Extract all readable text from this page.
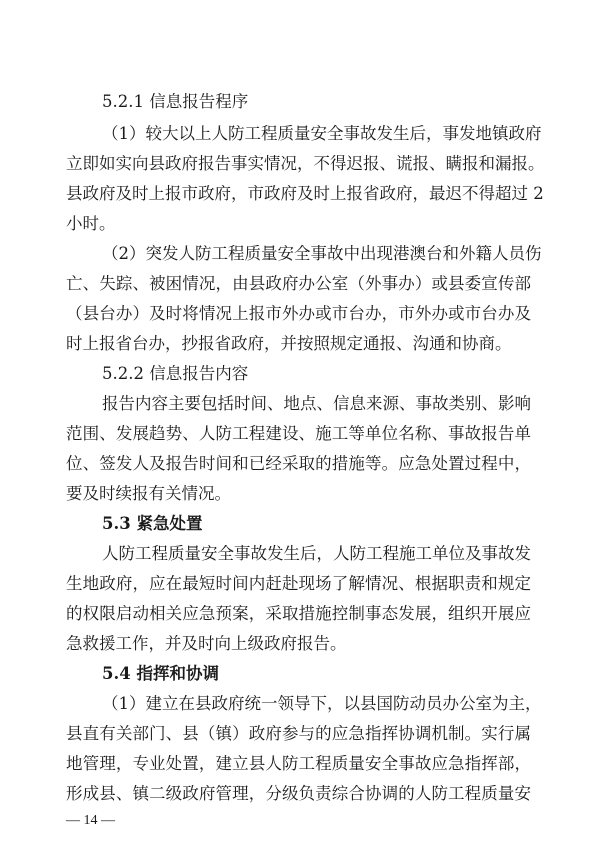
5.2.1 信息报告程序
（1）较大以上人防工程质量安全事故发生后，事发地镇政府
立即如实向县政府报告事实情况，不得迟报、谎报、瞒报和漏报。
县政府及时上报市政府，市政府及时上报省政府，最迟不得超过 2
小时。
（2）突发人防工程质量安全事故中出现港澳台和外籍人员伤
亡、失踪、被困情况，由县政府办公室（外事办）或县委宣传部
（县台办）及时将情况上报市外办或市台办，市外办或市台办及
时上报省台办，抄报省政府，并按照规定通报、沟通和协商。
5.2.2 信息报告内容
报告内容主要包括时间、地点、信息来源、事故类别、影响
范围、发展趋势、人防工程建设、施工等单位名称、事故报告单
位、签发人及报告时间和已经采取的措施等。应急处置过程中，
要及时续报有关情况。
5.3 紧急处置
人防工程质量安全事故发生后，人防工程施工单位及事故发
生地政府，应在最短时间内赶赴现场了解情况、根据职责和规定
的权限启动相关应急预案，采取措施控制事态发展，组织开展应
急救援工作，并及时向上级政府报告。
5.4 指挥和协调
（1）建立在县政府统一领导下，以县国防动员办公室为主，
县直有关部门、县（镇）政府参与的应急指挥协调机制。实行属
地管理，专业处置，建立县人防工程质量安全事故应急指挥部，
形成县、镇二级政府管理，分级负责综合协调的人防工程质量安
— 14 —
